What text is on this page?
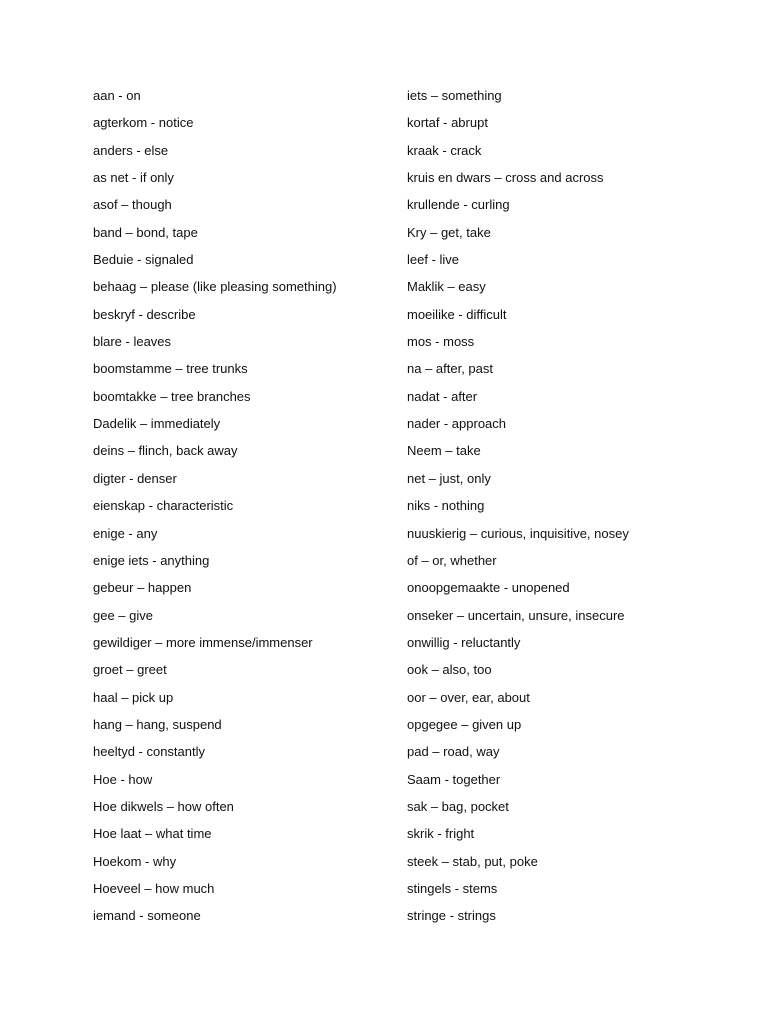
aan - on
agterkom - notice
anders - else
as net - if only
asof – though
band – bond, tape
Beduie - signaled
behaag – please (like pleasing something)
beskryf - describe
blare - leaves
boomstamme – tree trunks
boomtakke – tree branches
Dadelik – immediately
deins – flinch, back away
digter - denser
eienskap - characteristic
enige - any
enige iets - anything
gebeur – happen
gee – give
gewildiger – more immense/immenser
groet – greet
haal – pick up
hang – hang, suspend
heeltyd - constantly
Hoe - how
Hoe dikwels – how often
Hoe laat – what time
Hoekom - why
Hoeveel – how much
iemand - someone
iets – something
kortaf - abrupt
kraak - crack
kruis en dwars – cross and across
krullende - curling
Kry – get, take
leef - live
Maklik – easy
moeilike - difficult
mos - moss
na – after, past
nadat - after
nader - approach
Neem – take
net – just, only
niks - nothing
nuuskierig – curious, inquisitive, nosey
of – or, whether
onoopgemaakte - unopened
onseker – uncertain, unsure, insecure
onwillig - reluctantly
ook – also, too
oor – over, ear, about
opgegee – given up
pad – road, way
Saam - together
sak – bag, pocket
skrik - fright
steek – stab, put, poke
stingels - stems
stringe - strings
